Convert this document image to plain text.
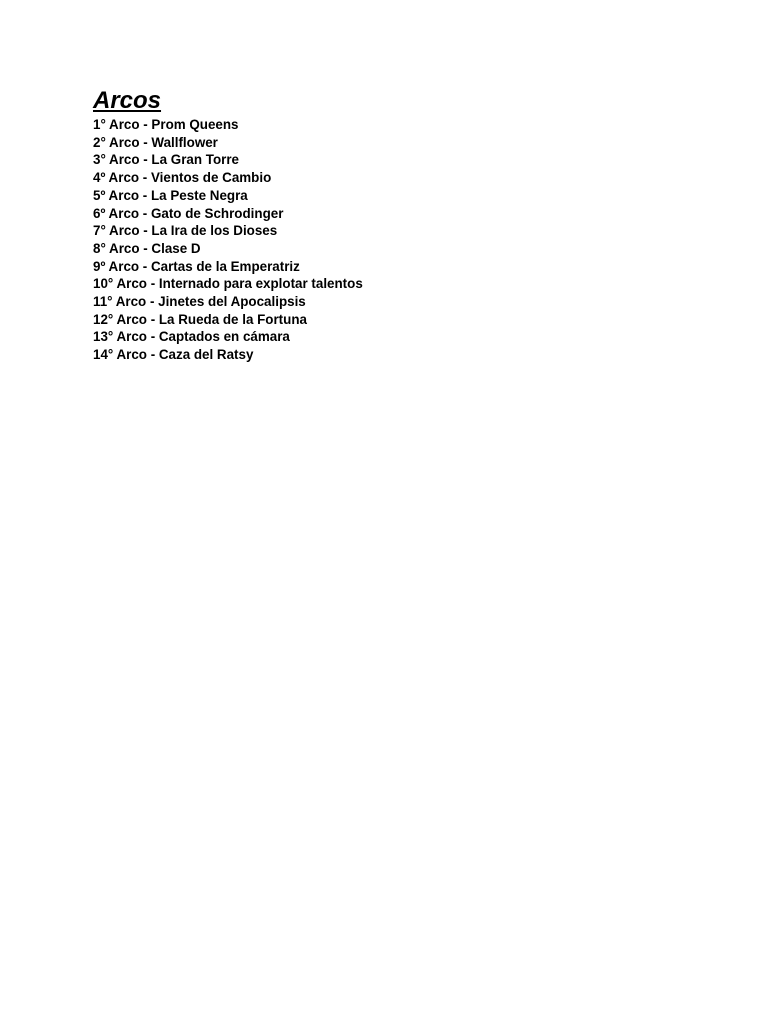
Arcos
1° Arco - Prom Queens
2° Arco - Wallflower
3° Arco - La Gran Torre
4º Arco - Vientos de Cambio
5º Arco - La Peste Negra
6º Arco - Gato de Schrodinger
7° Arco - La Ira de los Dioses
8° Arco - Clase D
9º Arco - Cartas de la Emperatriz
10° Arco - Internado para explotar talentos
11° Arco - Jinetes del Apocalipsis
12° Arco - La Rueda de la Fortuna
13° Arco - Captados en cámara
14° Arco - Caza del Ratsy
